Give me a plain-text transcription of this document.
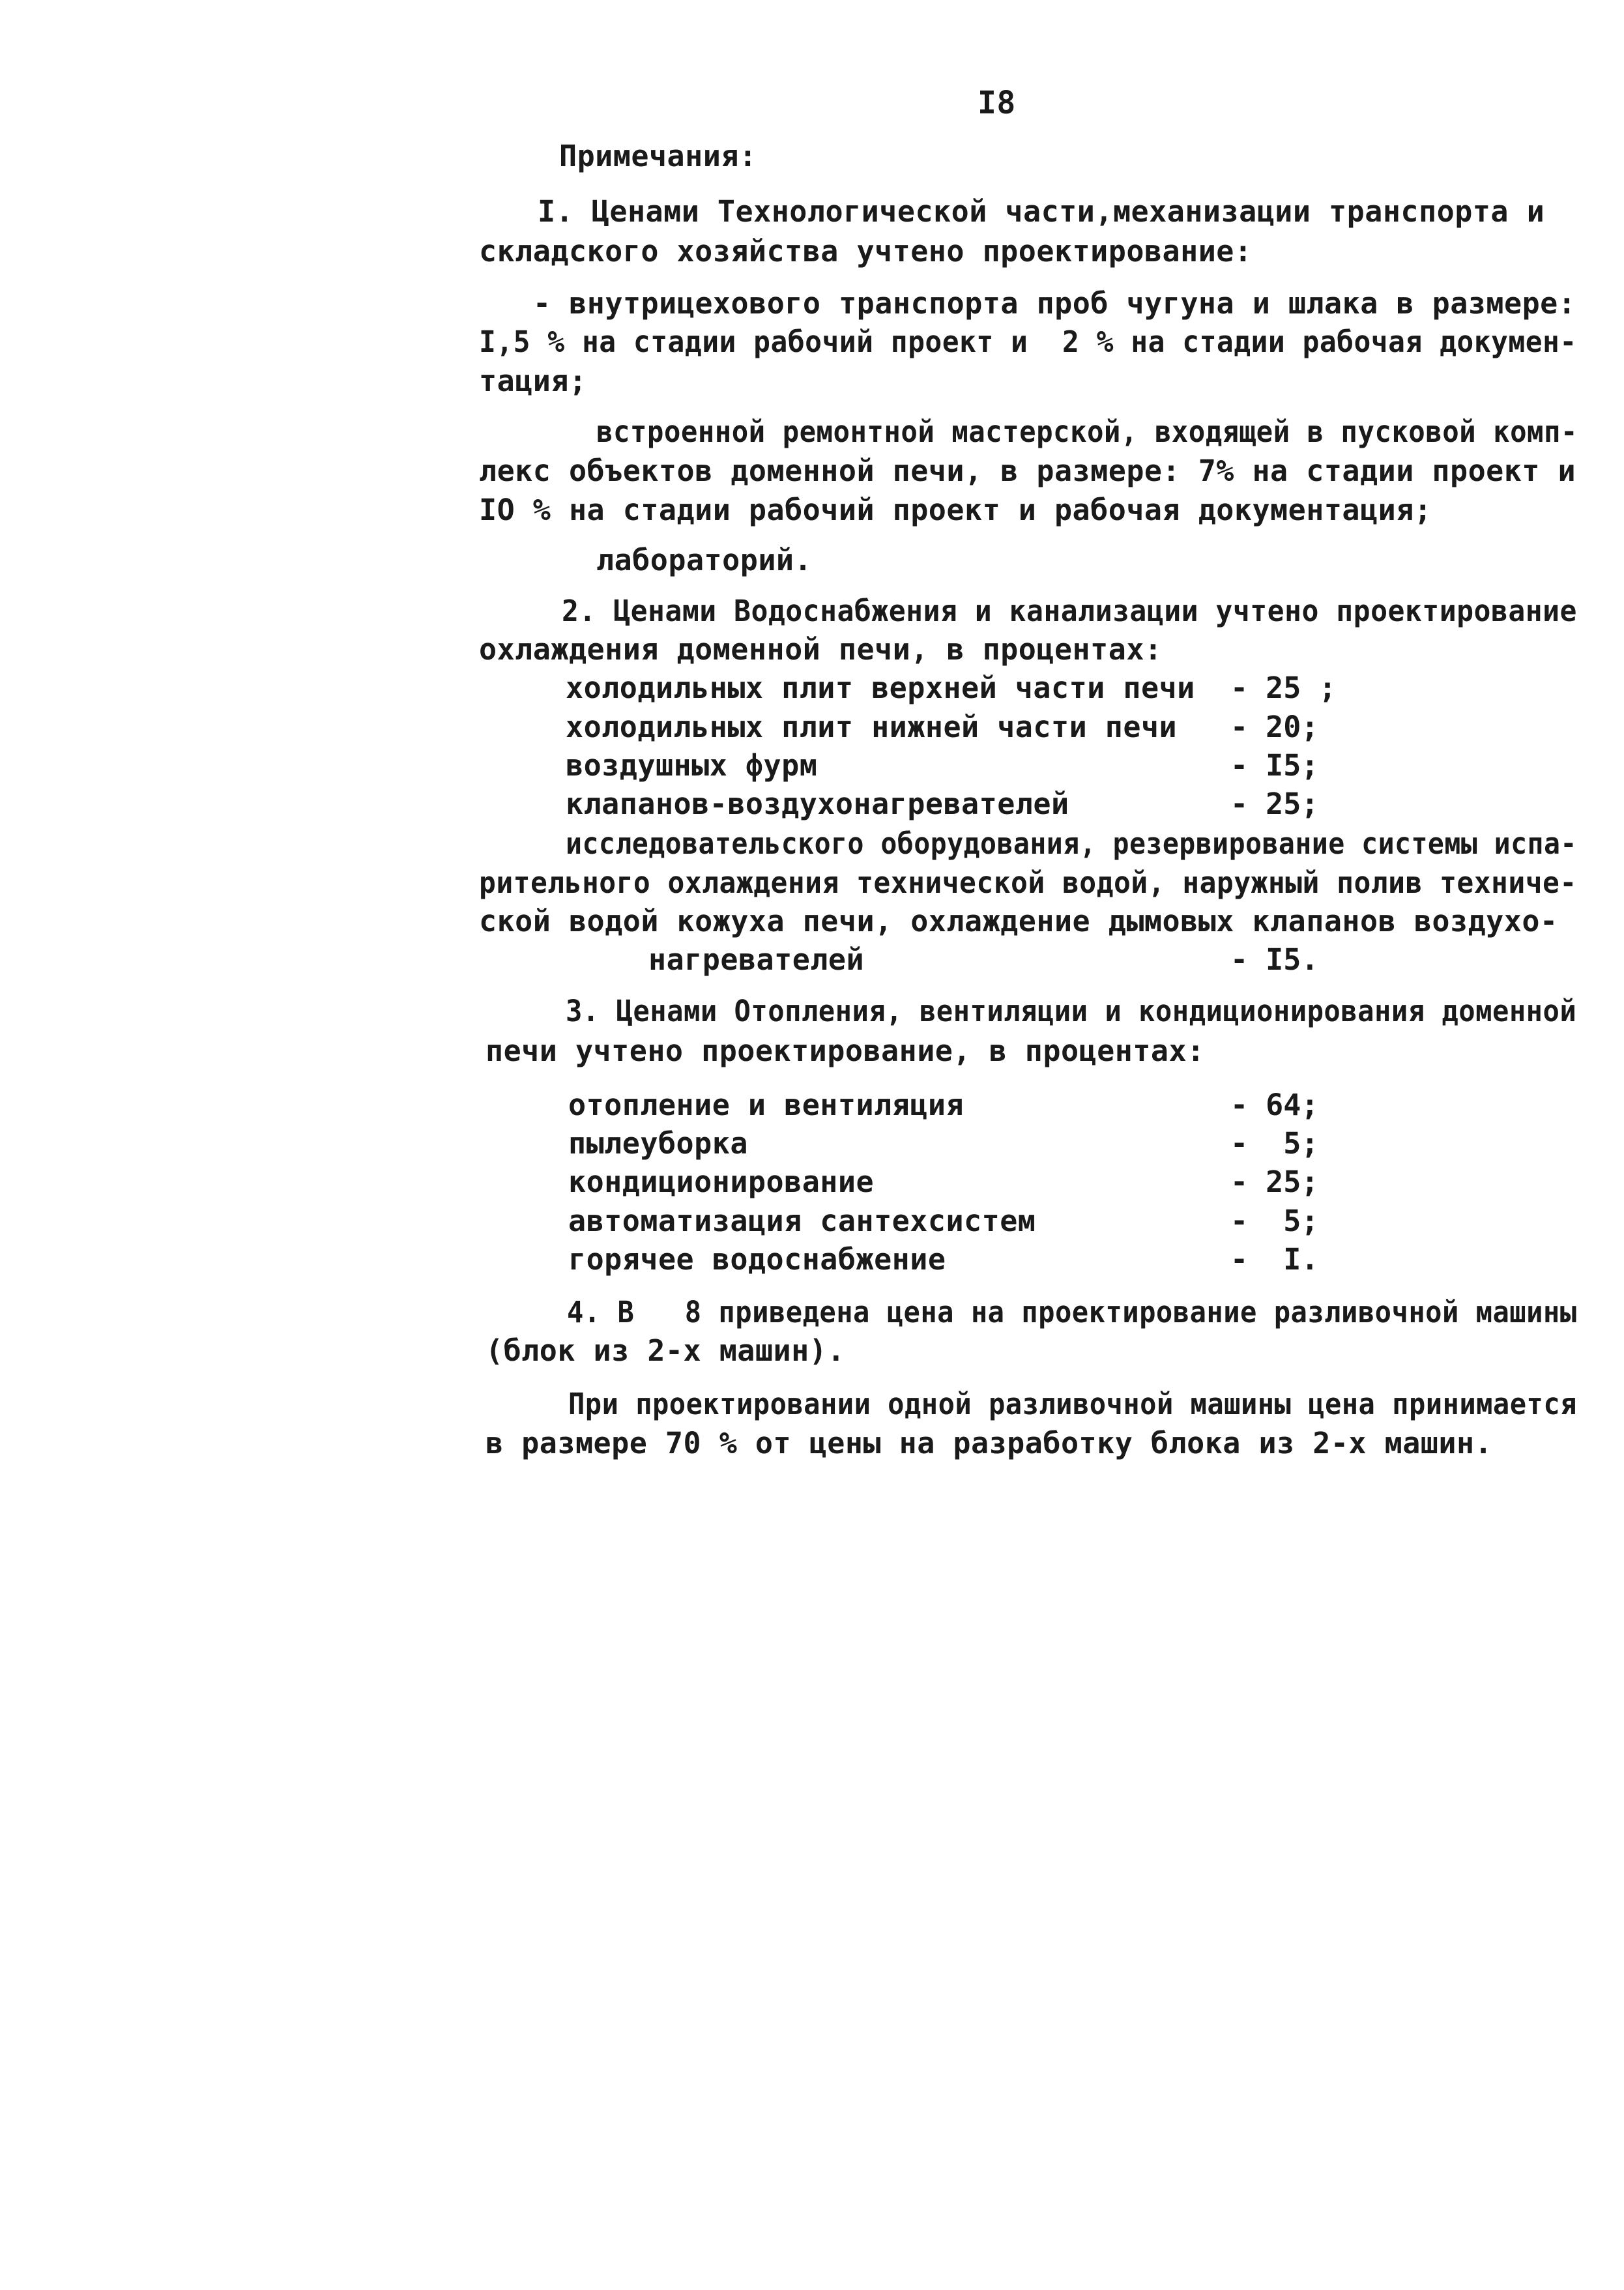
I8
Примечания:
I. Ценами Технологической части,механизации транспорта и
складского хозяйства учтено проектирование:
- внутрицехового транспорта проб чугуна и шлака в размере:
I,5 % на стадии рабочий проект и  2 % на стадии рабочая докумен-
тация;
встроенной ремонтной мастерской, входящей в пусковой комп-
лекс объектов доменной печи, в размере: 7% на стадии проект и
IO % на стадии рабочий проект и рабочая документация;
лабораторий.
2. Ценами Водоснабжения и канализации учтено проектирование
охлаждения доменной печи, в процентах:
холодильных плит верхней части печи - 25 ;
холодильных плит нижней части печи - 20;
воздушных фурм	- I5;
клапанов-воздухонагревателей	- 25;
исследовательского оборудования, резервирование системы испа-
рительного охлаждения технической водой, наружный полив техниче-
ской водой кожуха печи, охлаждение дымовых клапанов воздухо-
нагревателей	- I5.
3. Ценами Отопления, вентиляции и кондиционирования доменной
печи учтено проектирование, в процентах:
отопление и вентиляция	- 64;
пылеуборка	-  5;
кондиционирование	- 25;
автоматизация сантехсистем	-  5;
горячее водоснабжение	-  I.
4. В   8 приведена цена на проектирование разливочной машины
(блок из 2-х машин).
При проектировании одной разливочной машины цена принимается
в размере 70 % от цены на разработку блока из 2-х машин.
